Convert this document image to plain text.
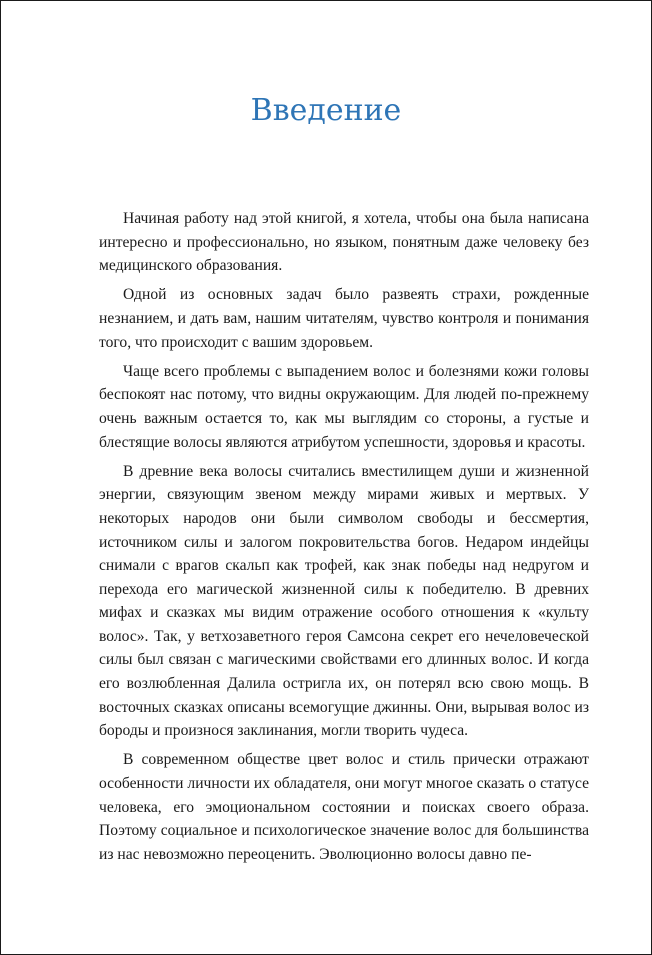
Введение

Начиная работу над этой книгой, я хотела, чтобы она была написана интересно и профессионально, но языком, понятным даже человеку без медицинского образования.

Одной из основных задач было развеять страхи, рожденные незнанием, и дать вам, нашим читателям, чувство контроля и понимания того, что происходит с вашим здоровьем.

Чаще всего проблемы с выпадением волос и болезнями кожи головы беспокоят нас потому, что видны окружающим. Для людей по-прежнему очень важным остается то, как мы выглядим со стороны, а густые и блестящие волосы являются атрибутом успешности, здоровья и красоты.

В древние века волосы считались вместилищем души и жизненной энергии, связующим звеном между мирами живых и мертвых. У некоторых народов они были символом свободы и бессмертия, источником силы и залогом покровительства богов. Недаром индейцы снимали с врагов скальп как трофей, как знак победы над недругом и перехода его магической жизненной силы к победителю. В древних мифах и сказках мы видим отражение особого отношения к «культу волос». Так, у ветхозаветного героя Самсона секрет его нечеловеческой силы был связан с магическими свойствами его длинных волос. И когда его возлюбленная Далила остригла их, он потерял всю свою мощь. В восточных сказках описаны всемогущие джинны. Они, вырывая волос из бороды и произнося заклинания, могли творить чудеса.

В современном обществе цвет волос и стиль прически отражают особенности личности их обладателя, они могут многое сказать о статусе человека, его эмоциональном состоянии и поисках своего образа. Поэтому социальное и психологическое значение волос для большинства из нас невозможно переоценить. Эволюционно волосы давно пе-
